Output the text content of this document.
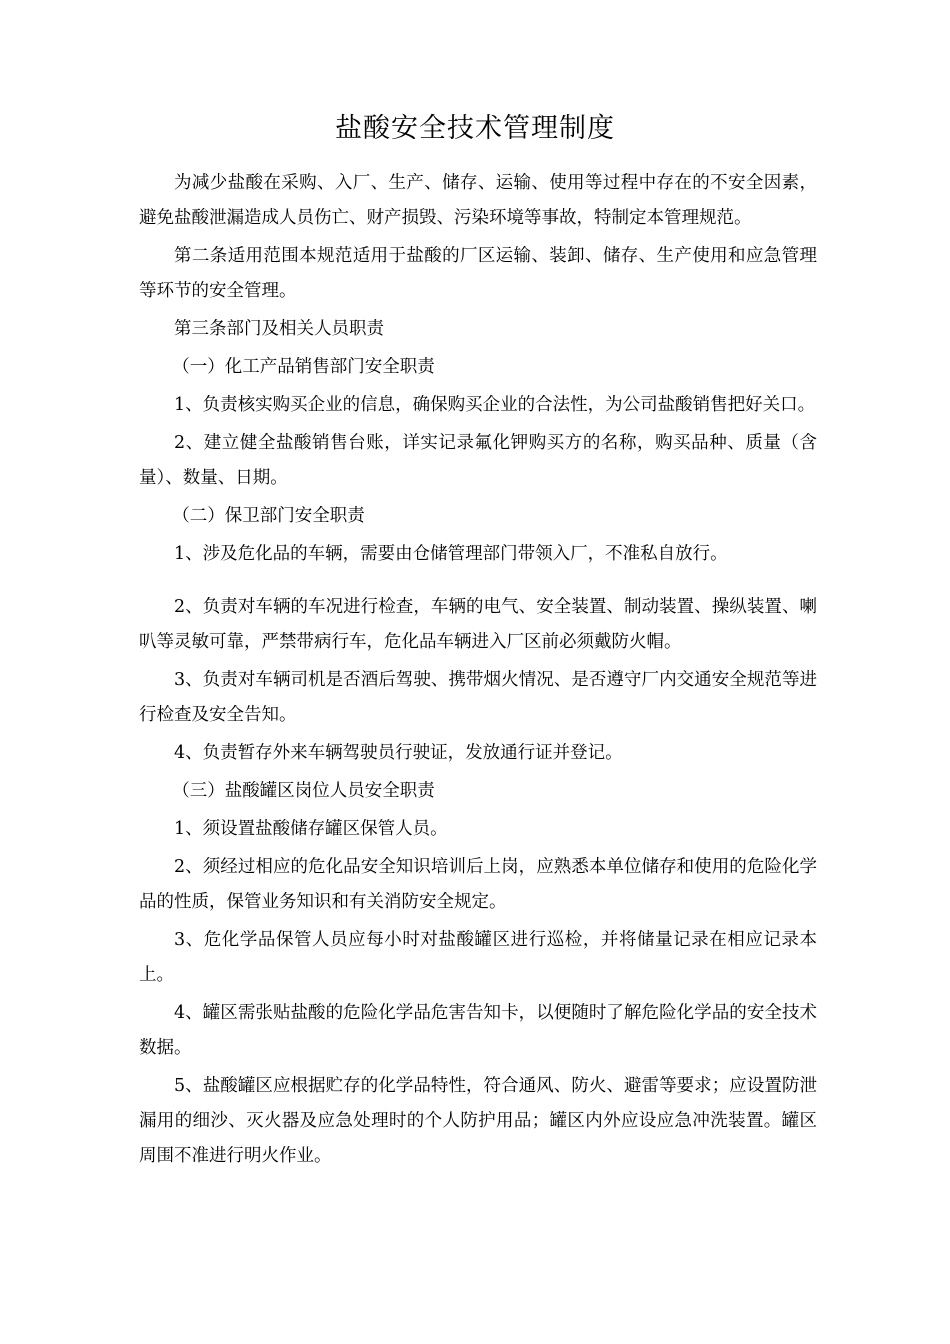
盐酸安全技术管理制度

为减少盐酸在采购、入厂、生产、储存、运输、使用等过程中存在的不安全因素，避免盐酸泄漏造成人员伤亡、财产损毁、污染环境等事故，特制定本管理规范。

第二条适用范围本规范适用于盐酸的厂区运输、装卸、储存、生产使用和应急管理等环节的安全管理。

第三条部门及相关人员职责

（一）化工产品销售部门安全职责

1、负责核实购买企业的信息，确保购买企业的合法性，为公司盐酸销售把好关口。

2、建立健全盐酸销售台账，详实记录氟化钾购买方的名称，购买品种、质量（含量）、数量、日期。

（二）保卫部门安全职责

1、涉及危化品的车辆，需要由仓储管理部门带领入厂，不准私自放行。

2、负责对车辆的车况进行检查，车辆的电气、安全装置、制动装置、操纵装置、喇叭等灵敏可靠，严禁带病行车，危化品车辆进入厂区前必须戴防火帽。

3、负责对车辆司机是否酒后驾驶、携带烟火情况、是否遵守厂内交通安全规范等进行检查及安全告知。

4、负责暂存外来车辆驾驶员行驶证，发放通行证并登记。

（三）盐酸罐区岗位人员安全职责

1、须设置盐酸储存罐区保管人员。

2、须经过相应的危化品安全知识培训后上岗，应熟悉本单位储存和使用的危险化学品的性质，保管业务知识和有关消防安全规定。

3、危化学品保管人员应每小时对盐酸罐区进行巡检，并将储量记录在相应记录本上。

4、罐区需张贴盐酸的危险化学品危害告知卡，以便随时了解危险化学品的安全技术数据。

5、盐酸罐区应根据贮存的化学品特性，符合通风、防火、避雷等要求；应设置防泄漏用的细沙、灭火器及应急处理时的个人防护用品；罐区内外应设应急冲洗装置。罐区周围不准进行明火作业。
